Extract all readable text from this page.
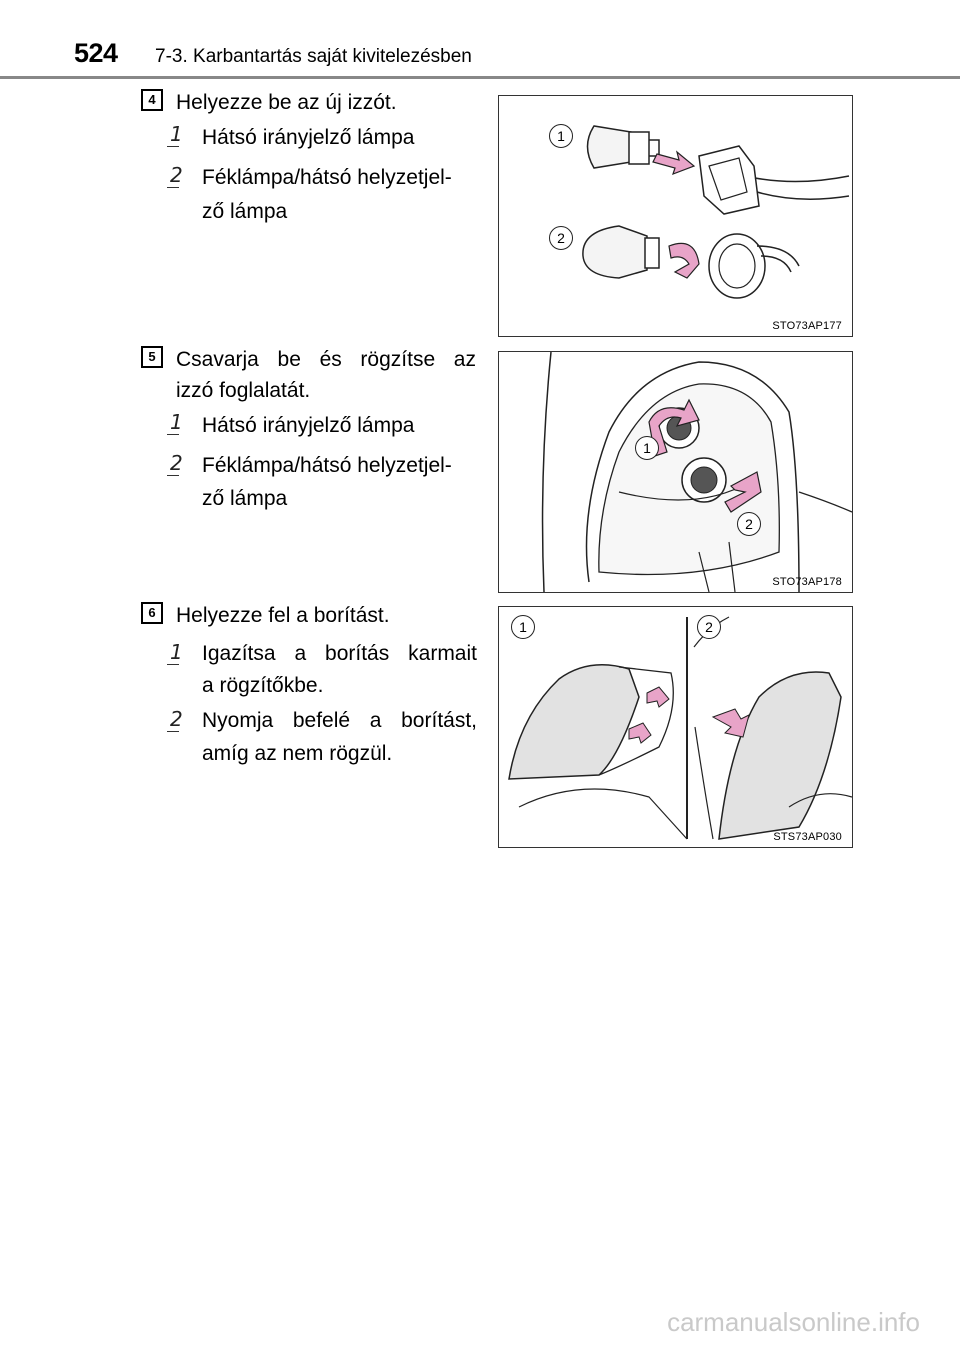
524 7-3. Karbantartás saját kivitelezésben
4 Helyezze be az új izzót.
1 Hátsó irányjelző lámpa
2 Féklámpa/hátsó helyzetjel-
ző lámpa
1
2
STO73AP177
5 Csavarja be és rögzítse az
izzó foglalatát.
1 Hátsó irányjelző lámpa
2 Féklámpa/hátsó helyzetjel-
ző lámpa
1
2
STO73AP178
6 Helyezze fel a borítást.
1 Igazítsa a borítás karmait
a rögzítőkbe.
2 Nyomja befelé a borítást,
amíg az nem rögzül.
1	2
STS73AP030
carmanualsonline.info
